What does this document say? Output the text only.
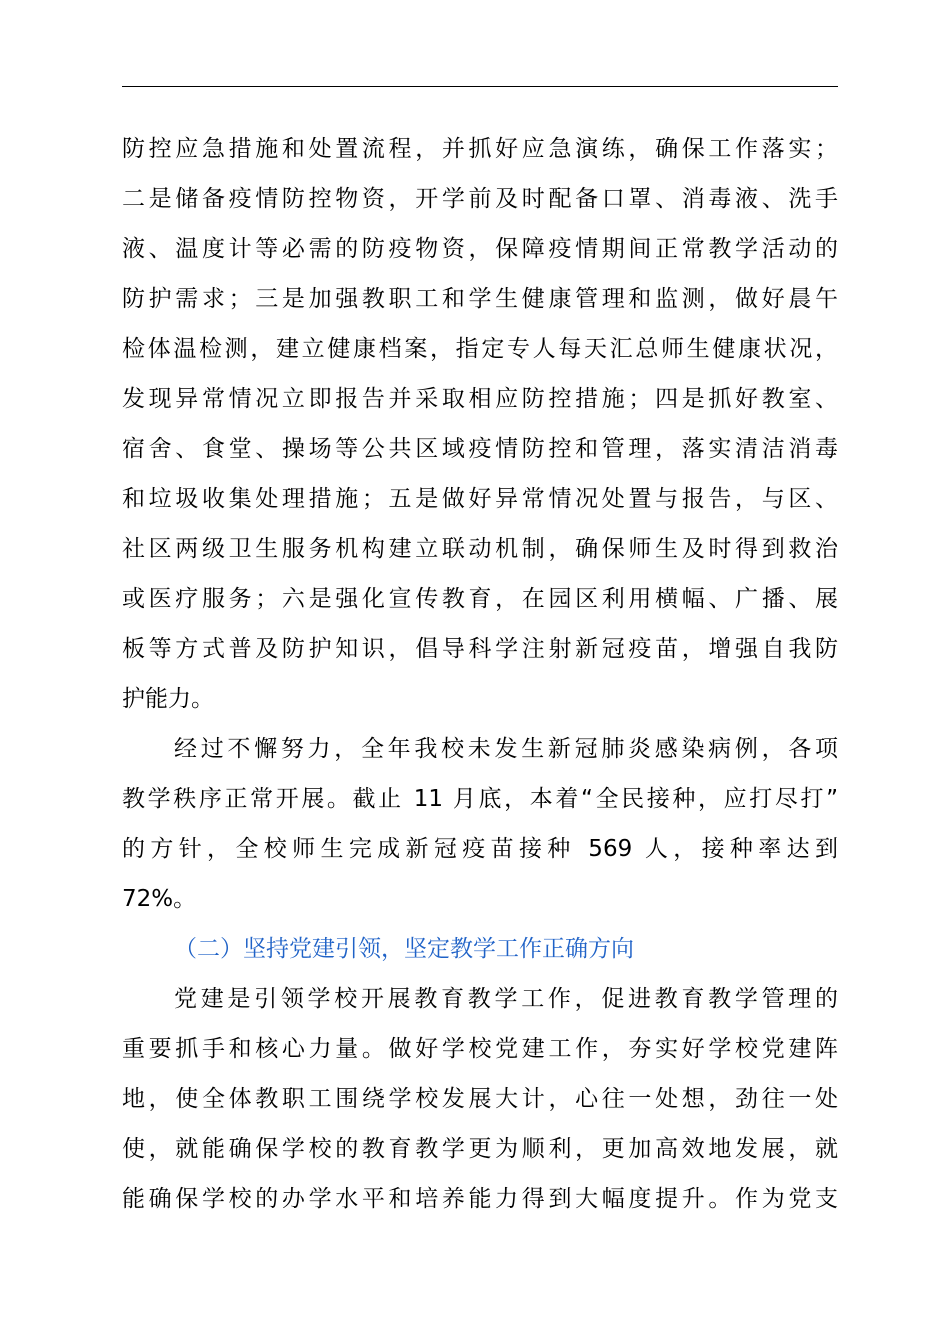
防控应急措施和处置流程，并抓好应急演练，确保工作落实；
二是储备疫情防控物资，开学前及时配备口罩、消毒液、洗手
液、温度计等必需的防疫物资，保障疫情期间正常教学活动的
防护需求；三是加强教职工和学生健康管理和监测，做好晨午
检体温检测，建立健康档案，指定专人每天汇总师生健康状况，
发现异常情况立即报告并采取相应防控措施；四是抓好教室、
宿舍、食堂、操场等公共区域疫情防控和管理，落实清洁消毒
和垃圾收集处理措施；五是做好异常情况处置与报告，与区、
社区两级卫生服务机构建立联动机制，确保师生及时得到救治
或医疗服务；六是强化宣传教育，在园区利用横幅、广播、展
板等方式普及防护知识，倡导科学注射新冠疫苗，增强自我防
护能力。
经过不懈努力，全年我校未发生新冠肺炎感染病例，各项
教学秩序正常开展。截止 11 月底，本着“全民接种，应打尽打”
的方针，全校师生完成新冠疫苗接种 569 人，接种率达到
72%。
（二）坚持党建引领，坚定教学工作正确方向
党建是引领学校开展教育教学工作，促进教育教学管理的
重要抓手和核心力量。做好学校党建工作，夯实好学校党建阵
地，使全体教职工围绕学校发展大计，心往一处想，劲往一处
使，就能确保学校的教育教学更为顺利，更加高效地发展，就
能确保学校的办学水平和培养能力得到大幅度提升。作为党支
